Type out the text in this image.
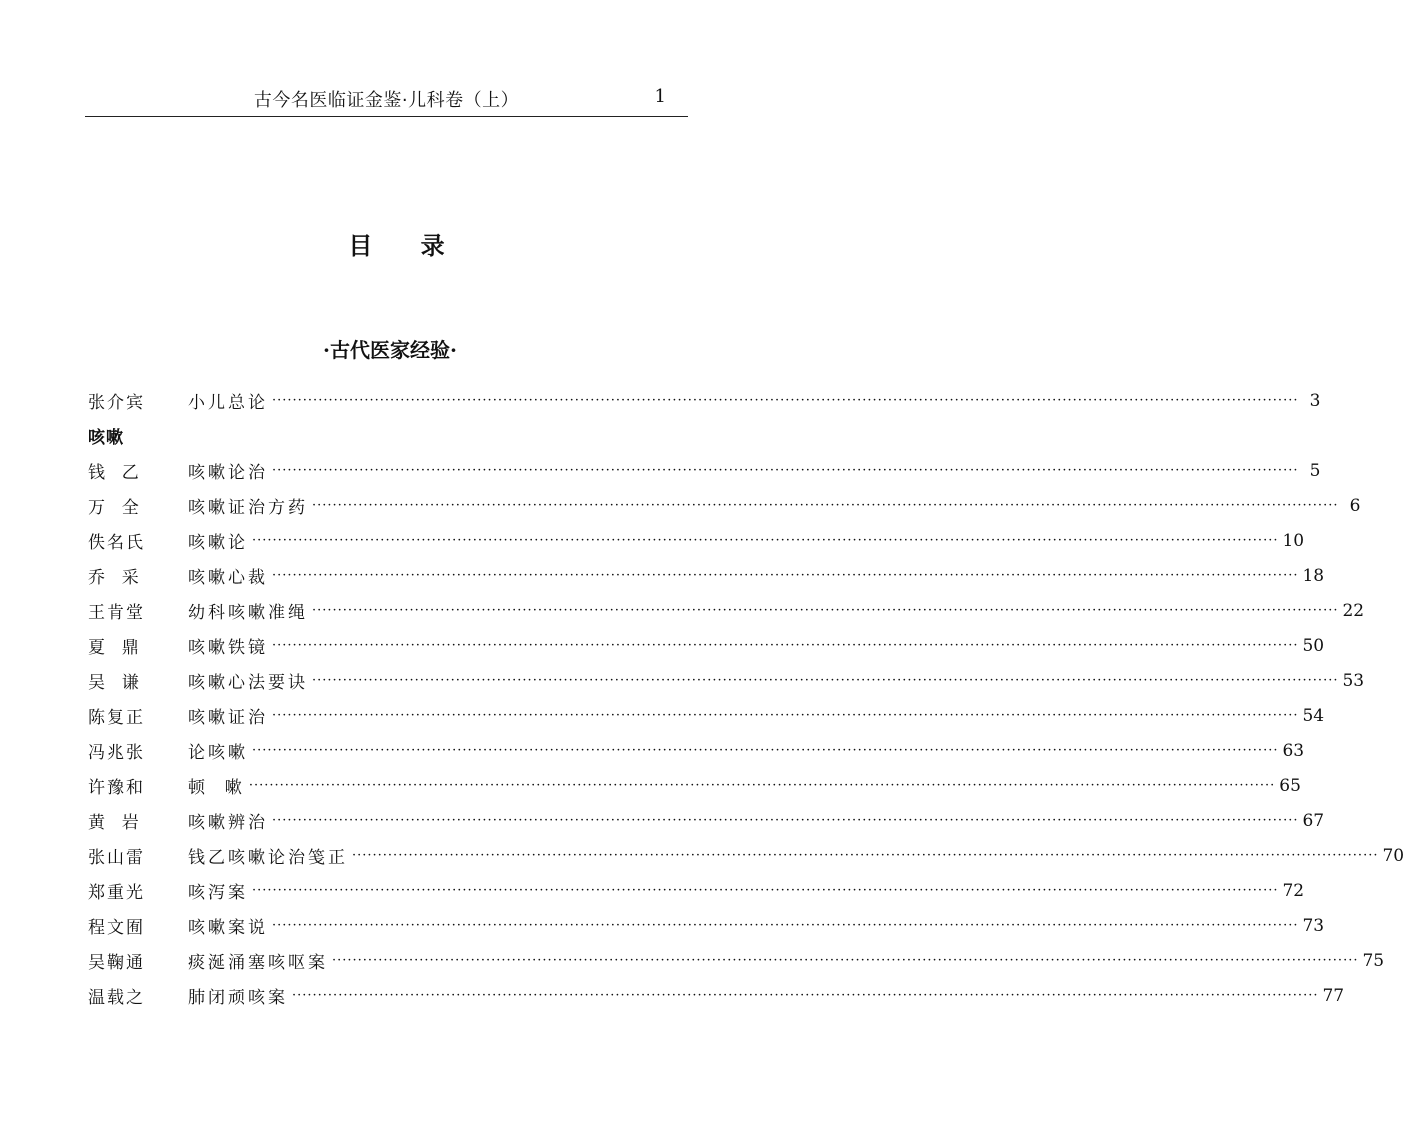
古今名医临证金鉴·儿科卷（上）	1
目 录
·古代医家经验·
张介宾	小儿总论 ········································································································································································································ 3
咳嗽
钱  乙	咳嗽论治 ········································································································································································································ 5
万  全	咳嗽证治方药 ········································································································································································································ 6
佚名氏	咳嗽论 ········································································································································································································ 10
乔  采	咳嗽心裁 ········································································································································································································ 18
王肯堂	幼科咳嗽准绳 ········································································································································································································ 22
夏  鼎	咳嗽铁镜 ········································································································································································································ 50
吴  谦	咳嗽心法要诀 ········································································································································································································ 53
陈复正	咳嗽证治 ········································································································································································································ 54
冯兆张	论咳嗽 ········································································································································································································ 63
许豫和	顿  嗽 ········································································································································································································ 65
黄  岩	咳嗽辨治 ········································································································································································································ 67
张山雷	钱乙咳嗽论治笺正 ········································································································································································································ 70
郑重光	咳泻案 ········································································································································································································ 72
程文囿	咳嗽案说 ········································································································································································································ 73
吴鞠通	痰涎涌塞咳呕案 ········································································································································································································ 75
温载之	肺闭顽咳案 ········································································································································································································ 77
